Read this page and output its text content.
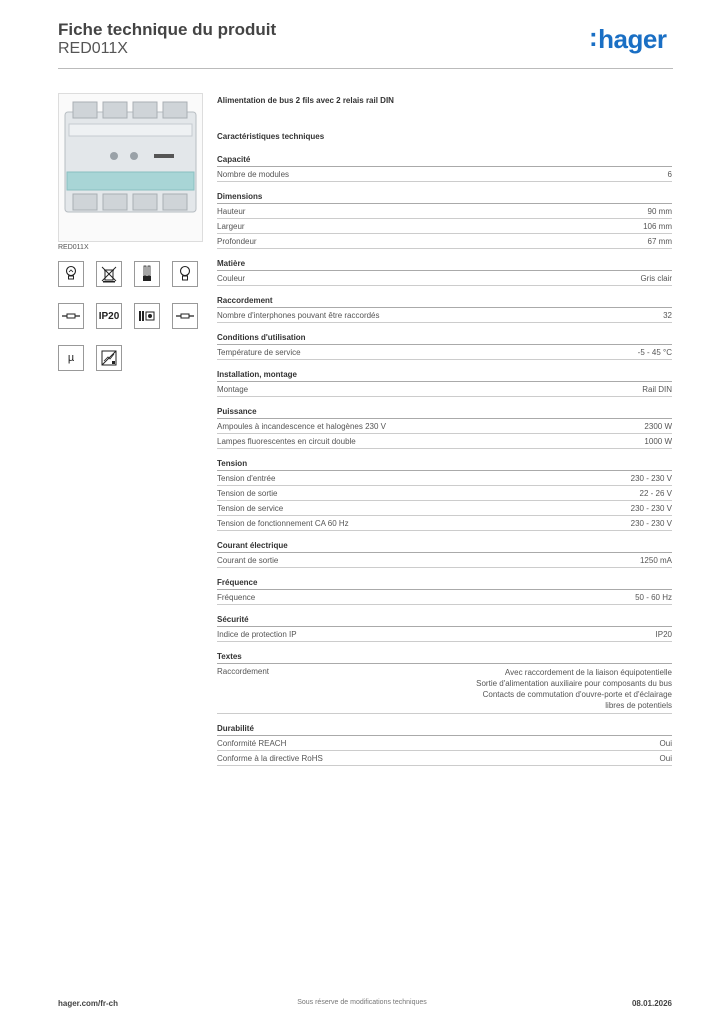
Fiche technique du produit
RED011X	:hager
RED011X
IP20
µ
Alimentation de bus 2 fils avec 2 relais rail DIN
Caractéristiques techniques
Capacité
Nombre de modules	6
Dimensions
Hauteur	90 mm
Largeur	106 mm
Profondeur	67 mm
Matière
Couleur	Gris clair
Raccordement
Nombre d'interphones pouvant être raccordés	32
Conditions d'utilisation
Température de service	-5 - 45 °C
Installation, montage
Montage	Rail DIN
Puissance
Ampoules à incandescence et halogènes 230 V	2300 W
Lampes fluorescentes en circuit double	1000 W
Tension
Tension d'entrée	230 - 230 V
Tension de sortie	22 - 26 V
Tension de service	230 - 230 V
Tension de fonctionnement CA 60 Hz	230 - 230 V
Courant électrique
Courant de sortie	1250 mA
Fréquence
Fréquence	50 - 60 Hz
Sécurité
Indice de protection IP	IP20
Textes
Raccordement	Avec raccordement de la liaison équipotentielle
Sortie d'alimentation auxiliaire pour composants du bus
Contacts de commutation d'ouvre-porte et d'éclairage
libres de potentiels
Durabilité
Conformité REACH	Oui
Conforme à la directive RoHS	Oui
hager.com/fr-ch	Sous réserve de modifications techniques	08.01.2026
